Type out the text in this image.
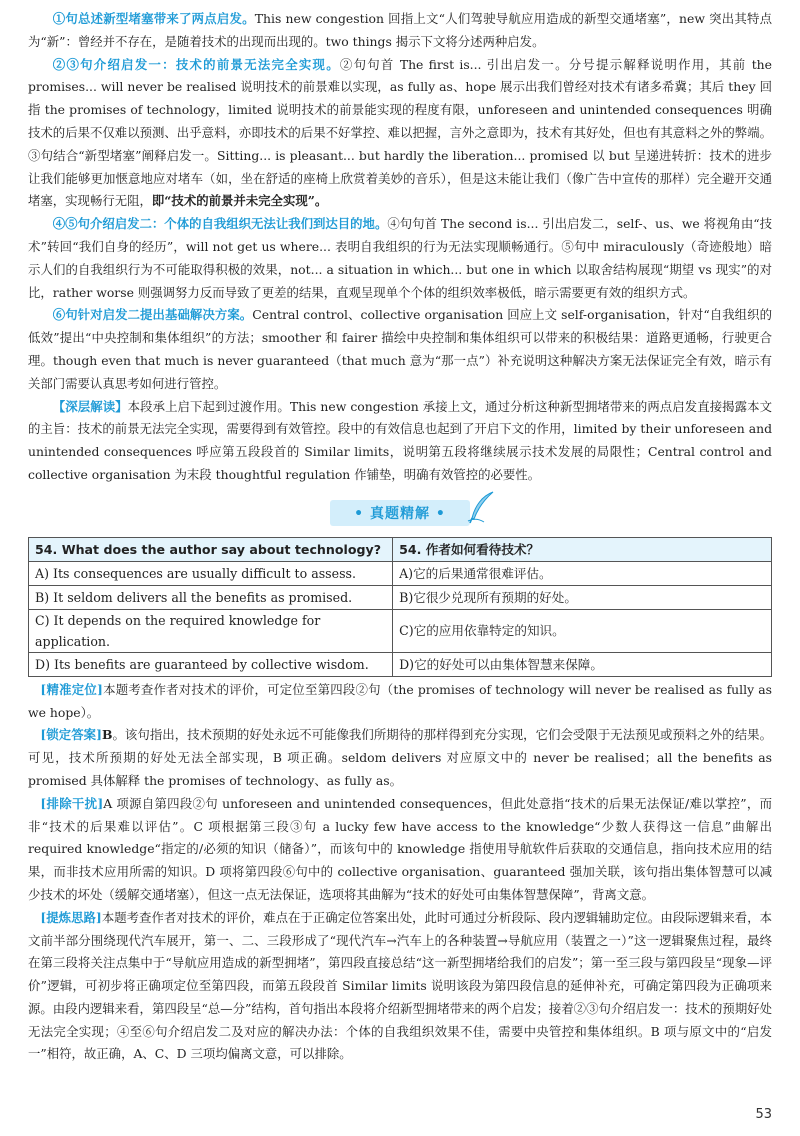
①句总述新型堵塞带来了两点启发。This new congestion 回指上文“人们驾驶导航应用造成的新型交通堵塞”，new 突出其特点为“新”：曾经并不存在，是随着技术的出现而出现的。two things 揭示下文将分述两种启发。

②③句介绍启发一：技术的前景无法完全实现。②句句首 The first is... 引出启发一。分号提示解释说明作用，其前 the promises... will never be realised 说明技术的前景难以实现，as fully as、hope 展示出我们曾经对技术有诸多希冀；其后 they 回指 the promises of technology，limited 说明技术的前景能实现的程度有限，unforeseen and unintended consequences 明确技术的后果不仅难以预测、出乎意料，亦即技术的后果不好掌控、难以把握，言外之意即为，技术有其好处，但也有其意料之外的弊端。③句结合“新型堵塞”阐释启发一。Sitting... is pleasant... but hardly the liberation... promised 以 but 呈递进转折：技术的进步让我们能够更加惬意地应对堵车（如，坐在舒适的座椅上欣赏着美妙的音乐），但是这未能让我们（像广告中宣传的那样）完全避开交通堵塞，实现畅行无阻，即“技术的前景并未完全实现”。

④⑤句介绍启发二：个体的自我组织无法让我们到达目的地。④句句首 The second is... 引出启发二，self-、us、we 将视角由“技术”转回“我们自身的经历”，will not get us where... 表明自我组织的行为无法实现顺畅通行。⑤句中 miraculously（奇迹般地）暗示人们的自我组织行为不可能取得积极的效果，not... a situation in which... but one in which 以取舍结构展现“期望 vs 现实”的对比，rather worse 则强调努力反而导致了更差的结果，直观呈现单个个体的组织效率极低，暗示需要更有效的组织方式。

⑥句针对启发二提出基础解决方案。Central control、collective organisation 回应上文 self-organisation，针对“自我组织的低效”提出“中央控制和集体组织”的方法；smoother 和 fairer 描绘中央控制和集体组织可以带来的积极结果：道路更通畅，行驶更合理。though even that much is never guaranteed（that much 意为“那一点”）补充说明这种解决方案无法保证完全有效，暗示有关部门需要认真思考如何进行管控。

【深层解读】本段承上启下起到过渡作用。This new congestion 承接上文，通过分析这种新型拥堵带来的两点启发直接揭露本文的主旨：技术的前景无法完全实现，需要得到有效管控。段中的有效信息也起到了开启下文的作用，limited by their unforeseen and unintended consequences 呼应第五段段首的 Similar limits，说明第五段将继续展示技术发展的局限性；Central control and collective organisation 为末段 thoughtful regulation 作铺垫，明确有效管控的必要性。

• 真题精解 •
54. What does the author say about technology?	54. 作者如何看待技术？
A) Its consequences are usually difficult to assess.	A)它的后果通常很难评估。
B) It seldom delivers all the benefits as promised.	B)它很少兑现所有预期的好处。
C) It depends on the required knowledge for application.	C)它的应用依靠特定的知识。
D) Its benefits are guaranteed by collective wisdom.	D)它的好处可以由集体智慧来保障。

[精准定位]本题考查作者对技术的评价，可定位至第四段②句（the promises of technology will never be realised as fully as we hope）。

[锁定答案]B。该句指出，技术预期的好处永远不可能像我们所期待的那样得到充分实现，它们会受限于无法预见或预料之外的结果。可见，技术所预期的好处无法全部实现，B 项正确。seldom delivers 对应原文中的 never be realised；all the benefits as promised 具体解释 the promises of technology、as fully as。

[排除干扰]A 项源自第四段②句 unforeseen and unintended consequences，但此处意指“技术的后果无法保证/难以掌控”，而非“技术的后果难以评估”。C 项根据第三段③句 a lucky few have access to the knowledge“少数人获得这一信息”曲解出 required knowledge“指定的/必须的知识（储备）”，而该句中的 knowledge 指使用导航软件后获取的交通信息，指向技术应用的结果，而非技术应用所需的知识。D 项将第四段⑥句中的 collective organisation、guaranteed 强加关联，该句指出集体智慧可以减少技术的坏处（缓解交通堵塞），但这一点无法保证，选项将其曲解为“技术的好处可由集体智慧保障”，背离文意。

[提炼思路]本题考查作者对技术的评价，难点在于正确定位答案出处，此时可通过分析段际、段内逻辑辅助定位。由段际逻辑来看，本文前半部分围绕现代汽车展开，第一、二、三段形成了“现代汽车→汽车上的各种装置→导航应用（装置之一）”这一逻辑聚焦过程，最终在第三段将关注点集中于“导航应用造成的新型拥堵”，第四段直接总结“这一新型拥堵给我们的启发”；第一至三段与第四段呈“现象—评价”逻辑，可初步将正确项定位至第四段，而第五段段首 Similar limits 说明该段为第四段信息的延伸补充，可确定第四段为正确项来源。由段内逻辑来看，第四段呈“总—分”结构，首句指出本段将介绍新型拥堵带来的两个启发；接着②③句介绍启发一：技术的预期好处无法完全实现；④至⑥句介绍启发二及对应的解决办法：个体的自我组织效果不佳，需要中央管控和集体组织。B 项与原文中的“启发一”相符，故正确，A、C、D 三项均偏离文意，可以排除。

53
